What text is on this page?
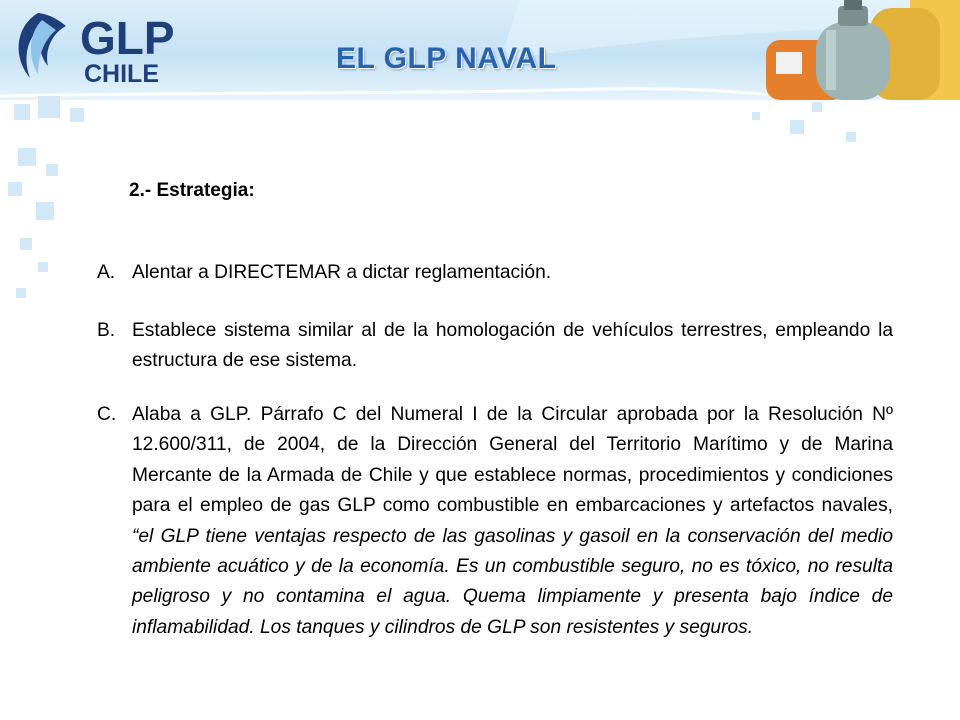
GLP
CHILE	EL GLP NAVAL
2.- Estrategia:
A. Alentar a DIRECTEMAR a dictar reglamentación.
B. Establece sistema similar al de la homologación de vehículos terrestres, empleando la estructura de ese sistema.
C. Alaba a GLP. Párrafo C del Numeral I de la Circular aprobada por la Resolución Nº 12.600/311, de 2004, de la Dirección General del Territorio Marítimo y de Marina Mercante de la Armada de Chile y que establece normas, procedimientos y condiciones para el empleo de gas GLP como combustible en embarcaciones y artefactos navales, “el GLP tiene ventajas respecto de las gasolinas y gasoil en la conservación del medio ambiente acuático y de la economía. Es un combustible seguro, no es tóxico, no resulta peligroso y no contamina el agua. Quema limpiamente y presenta bajo índice de inflamabilidad. Los tanques y cilindros de GLP son resistentes y seguros.
